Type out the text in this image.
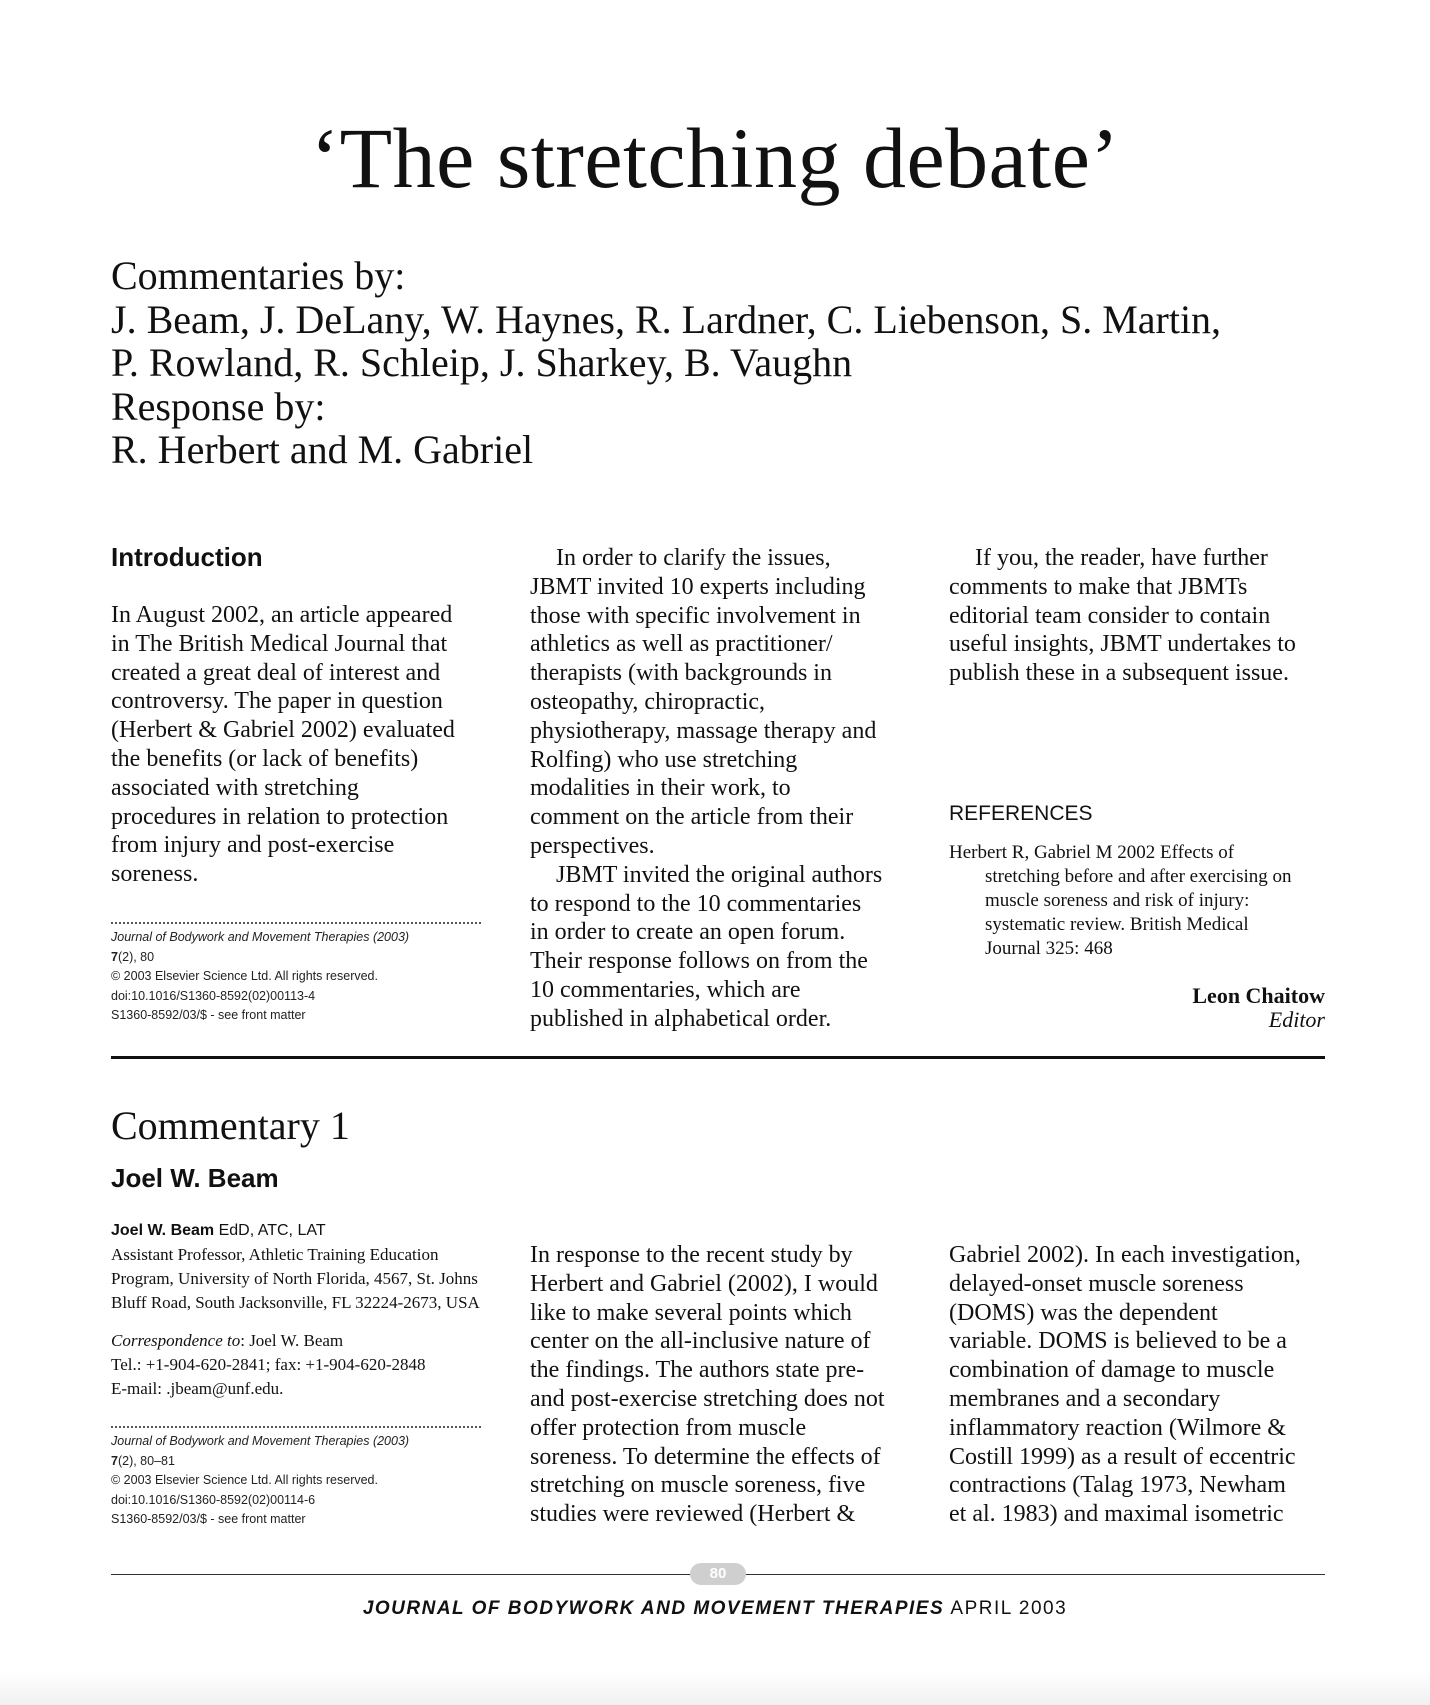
‘The stretching debate’
Commentaries by:
J. Beam, J. DeLany, W. Haynes, R. Lardner, C. Liebenson, S. Martin,
P. Rowland, R. Schleip, J. Sharkey, B. Vaughn
Response by:
R. Herbert and M. Gabriel
Introduction
In August 2002, an article appeared
in The British Medical Journal that
created a great deal of interest and
controversy. The paper in question
(Herbert & Gabriel 2002) evaluated
the benefits (or lack of benefits)
associated with stretching
procedures in relation to protection
from injury and post-exercise
soreness.
Journal of Bodywork and Movement Therapies (2003)
7(2), 80
© 2003 Elsevier Science Ltd. All rights reserved.
doi:10.1016/S1360-8592(02)00113-4
S1360-8592/03/$ - see front matter
In order to clarify the issues,
JBMT invited 10 experts including
those with specific involvement in
athletics as well as practitioner/
therapists (with backgrounds in
osteopathy, chiropractic,
physiotherapy, massage therapy and
Rolfing) who use stretching
modalities in their work, to
comment on the article from their
perspectives.
JBMT invited the original authors
to respond to the 10 commentaries
in order to create an open forum.
Their response follows on from the
10 commentaries, which are
published in alphabetical order.
If you, the reader, have further
comments to make that JBMTs
editorial team consider to contain
useful insights, JBMT undertakes to
publish these in a subsequent issue.
REFERENCES
Herbert R, Gabriel M 2002 Effects of
stretching before and after exercising on
muscle soreness and risk of injury:
systematic review. British Medical
Journal 325: 468
Leon Chaitow
Editor
Commentary 1
Joel W. Beam
Joel W. Beam EdD, ATC, LAT
Assistant Professor, Athletic Training Education
Program, University of North Florida, 4567, St. Johns
Bluff Road, South Jacksonville, FL 32224-2673, USA
Correspondence to: Joel W. Beam
Tel.: +1-904-620-2841; fax: +1-904-620-2848
E-mail: .jbeam@unf.edu.
Journal of Bodywork and Movement Therapies (2003)
7(2), 80–81
© 2003 Elsevier Science Ltd. All rights reserved.
doi:10.1016/S1360-8592(02)00114-6
S1360-8592/03/$ - see front matter
In response to the recent study by
Herbert and Gabriel (2002), I would
like to make several points which
center on the all-inclusive nature of
the findings. The authors state pre-
and post-exercise stretching does not
offer protection from muscle
soreness. To determine the effects of
stretching on muscle soreness, five
studies were reviewed (Herbert &
Gabriel 2002). In each investigation,
delayed-onset muscle soreness
(DOMS) was the dependent
variable. DOMS is believed to be a
combination of damage to muscle
membranes and a secondary
inflammatory reaction (Wilmore &
Costill 1999) as a result of eccentric
contractions (Talag 1973, Newham
et al. 1983) and maximal isometric
80
JOURNAL OF BODYWORK AND MOVEMENT THERAPIES APRIL 2003
